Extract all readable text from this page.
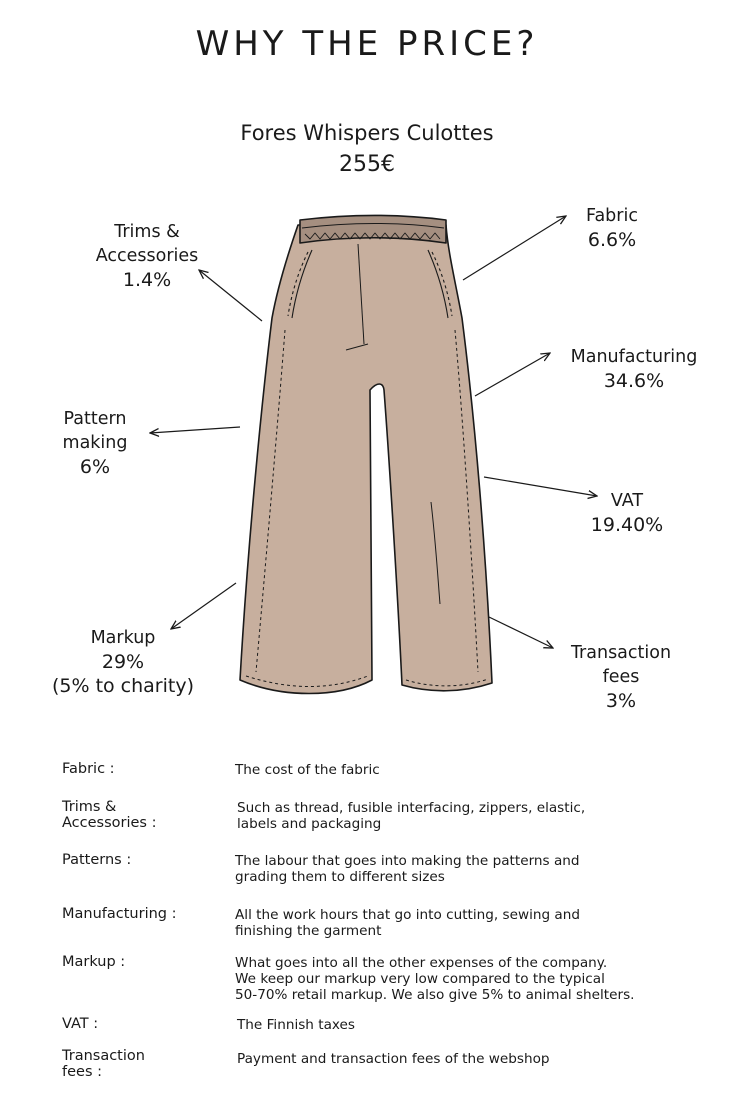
WHY THE PRICE?
Fores Whispers Culottes
255€
Trims &
Accessories
1.4%
Fabric
6.6%
Manufacturing
34.6%
Pattern
making
6%
VAT
19.40%
Markup
29%
(5% to charity)
Transaction
fees
3%
Fabric :	The cost of the fabric
Trims &
Accessories :
Such as thread, fusible interfacing, zippers, elastic,
labels and packaging
Patterns :	The labour that goes into making the patterns and
grading them to different sizes
Manufacturing :	All the work hours that go into cutting, sewing and
finishing the garment
Markup :	What goes into all the other expenses of the company.
We keep our markup very low compared to the typical
50-70% retail markup. We also give 5% to animal shelters.
VAT :	The Finnish taxes
Transaction
fees :
Payment and transaction fees of the webshop
